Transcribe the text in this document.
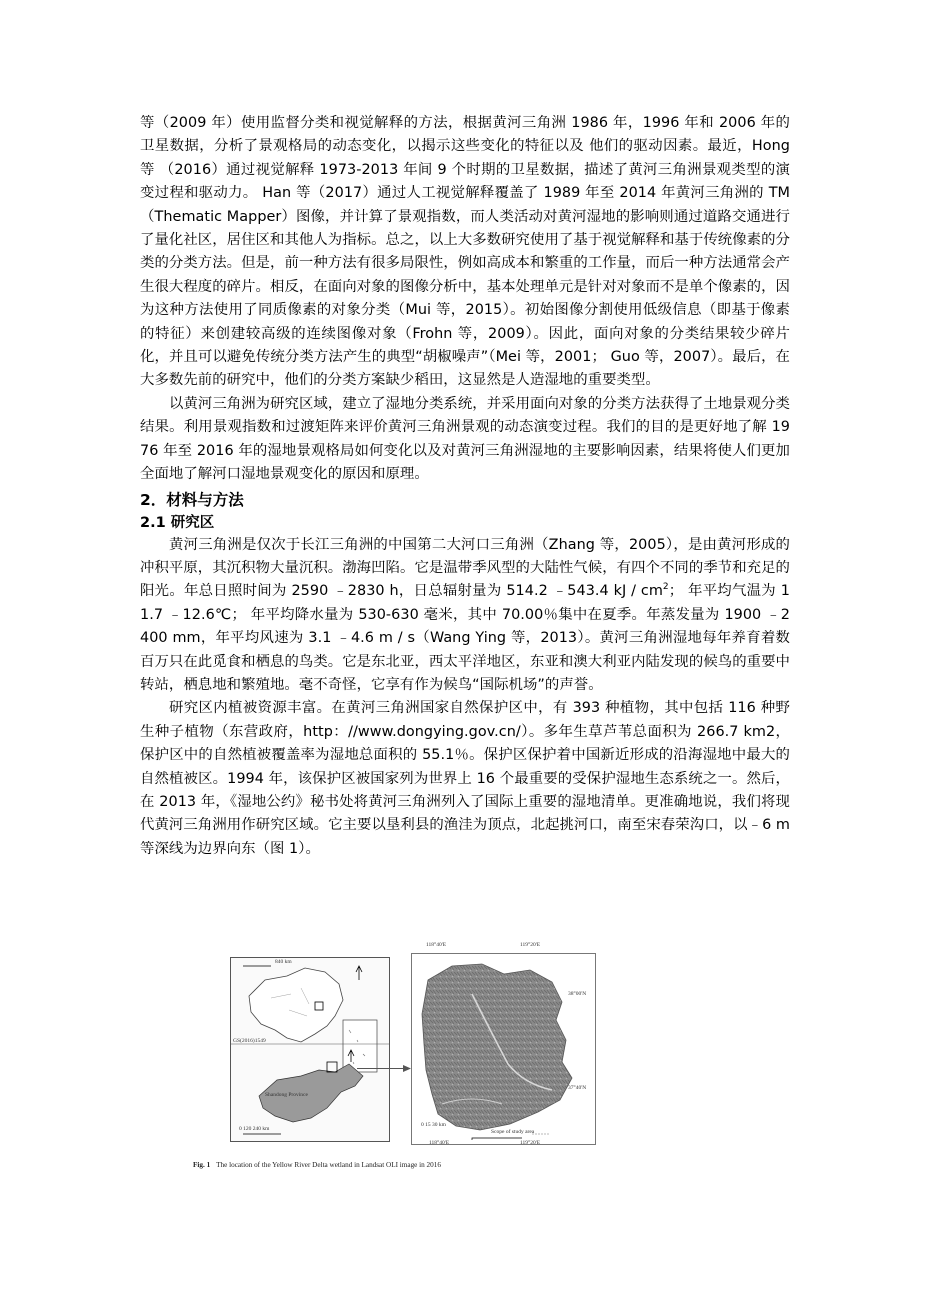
等（2009 年）使用监督分类和视觉解释的方法，根据黄河三角洲 1986 年，1996 年和 2006 年的卫星数据，分析了景观格局的动态变化，以揭示这些变化的特征以及 他们的驱动因素。最近，Hong 等 （2016）通过视觉解释 1973-2013 年间 9 个时期的卫星数据，描述了黄河三角洲景观类型的演变过程和驱动力。 Han 等（2017）通过人工视觉解释覆盖了 1989 年至 2014 年黄河三角洲的 TM（Thematic Mapper）图像，并计算了景观指数，而人类活动对黄河湿地的影响则通过道路交通进行了量化社区，居住区和其他人为指标。总之，以上大多数研究使用了基于视觉解释和基于传统像素的分类的分类方法。但是，前一种方法有很多局限性，例如高成本和繁重的工作量，而后一种方法通常会产生很大程度的碎片。相反，在面向对象的图像分析中，基本处理单元是针对对象而不是单个像素的，因为这种方法使用了同质像素的对象分类（Mui 等，2015）。初始图像分割使用低级信息（即基于像素的特征）来创建较高级的连续图像对象（Frohn 等，2009）。因此，面向对象的分类结果较少碎片化，并且可以避免传统分类方法产生的典型“胡椒噪声”（Mei 等，2001； Guo 等，2007）。最后，在大多数先前的研究中，他们的分类方案缺少稻田，这显然是人造湿地的重要类型。

以黄河三角洲为研究区域，建立了湿地分类系统，并采用面向对象的分类方法获得了土地景观分类结果。利用景观指数和过渡矩阵来评价黄河三角洲景观的动态演变过程。我们的目的是更好地了解 1976 年至 2016 年的湿地景观格局如何变化以及对黄河三角洲湿地的主要影响因素，结果将使人们更加全面地了解河口湿地景观变化的原因和原理。

2．材料与方法
2.1 研究区

黄河三角洲是仅次于长江三角洲的中国第二大河口三角洲（Zhang 等，2005），是由黄河形成的冲积平原，其沉积物大量沉积。渤海凹陷。它是温带季风型的大陆性气候，有四个不同的季节和充足的阳光。年总日照时间为 2590 ﹣2830 h，日总辐射量为 514.2 ﹣543.4 kJ / $cm^2$； 年平均气温为 11.7 ﹣12.6℃； 年平均降水量为 530-630 毫米，其中 70.00％集中在夏季。年蒸发量为 1900 ﹣2400 mm，年平均风速为 3.1 ﹣4.6 m / s（Wang Ying 等，2013）。黄河三角洲湿地每年养育着数百万只在此觅食和栖息的鸟类。它是东北亚，西太平洋地区，东亚和澳大利亚内陆发现的候鸟的重要中转站，栖息地和繁殖地。毫不奇怪，它享有作为候鸟“国际机场”的声誉。

研究区内植被资源丰富。在黄河三角洲国家自然保护区中，有 393 种植物，其中包括 116 种野生种子植物（东营政府，http：//www.dongying.gov.cn/）。多年生草芦苇总面积为 266.7 km2，保护区中的自然植被覆盖率为湿地总面积的 55.1％。保护区保护着中国新近形成的沿海湿地中最大的自然植被区。1994 年，该保护区被国家列为世界上 16 个最重要的受保护湿地生态系统之一。然后，在 2013 年，《湿地公约》秘书处将黄河三角洲列入了国际上重要的湿地清单。更准确地说，我们将现代黄河三角洲用作研究区域。它主要以垦利县的渔洼为顶点，北起挑河口，南至宋春荣沟口，以﹣6 m 等深线为边界向东（图 1）。

840 km
GS(2016)1549
Shandong Province
0 120 240 km
118°40'E	119°20'E
38°00'N
37°40'N
0 15 30 km
Scope of study area
118°40'E	119°20'E
Fig. 1 The location of the Yellow River Delta wetland in Landsat OLI image in 2016
